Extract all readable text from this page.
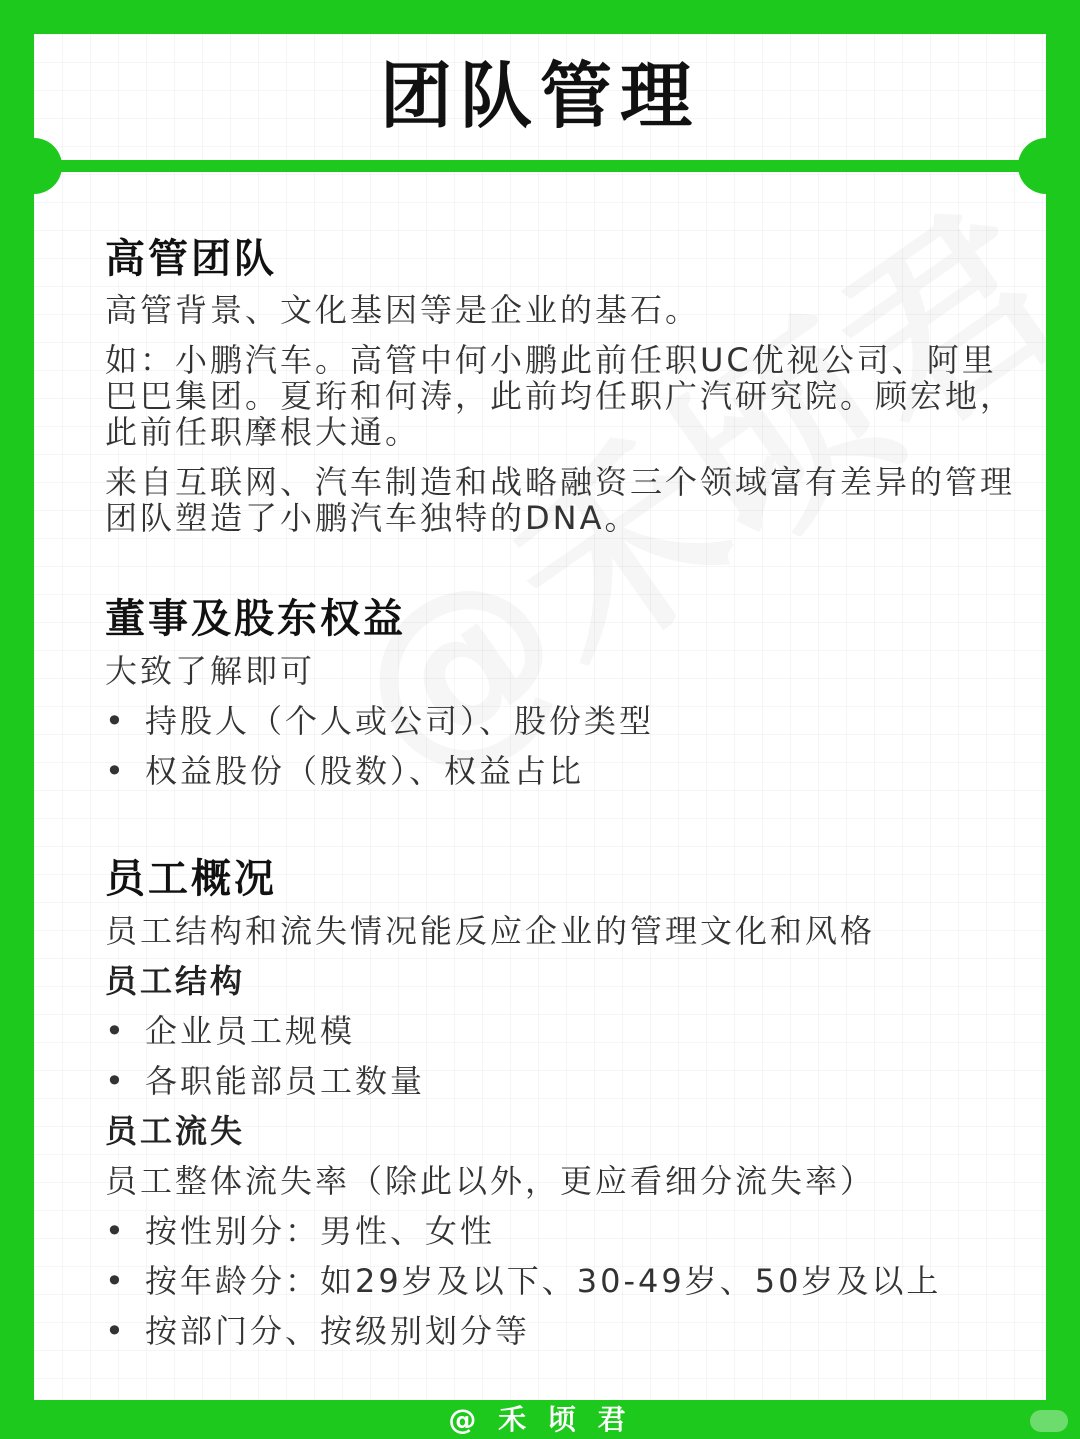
团队管理
高管团队

高管背景、文化基因等是企业的基石。

如：小鹏汽车。高管中何小鹏此前任职UC优视公司、阿里巴巴集团。夏珩和何涛，此前均任职广汽研究院。顾宏地，此前任职摩根大通。

来自互联网、汽车制造和战略融资三个领域富有差异的管理团队塑造了小鹏汽车独特的DNA。

董事及股东权益

大致了解即可

• 持股人（个人或公司）、股份类型
• 权益股份（股数）、权益占比
员工概况

员工结构和流失情况能反应企业的管理文化和风格

员工结构
• 企业员工规模
• 各职能部员工数量
员工流失

员工整体流失率（除此以外，更应看细分流失率）

• 按性别分：男性、女性
• 按年龄分：如29岁及以下、30-49岁、50岁及以上
• 按部门分、按级别划分等
@ 禾 顷 君
